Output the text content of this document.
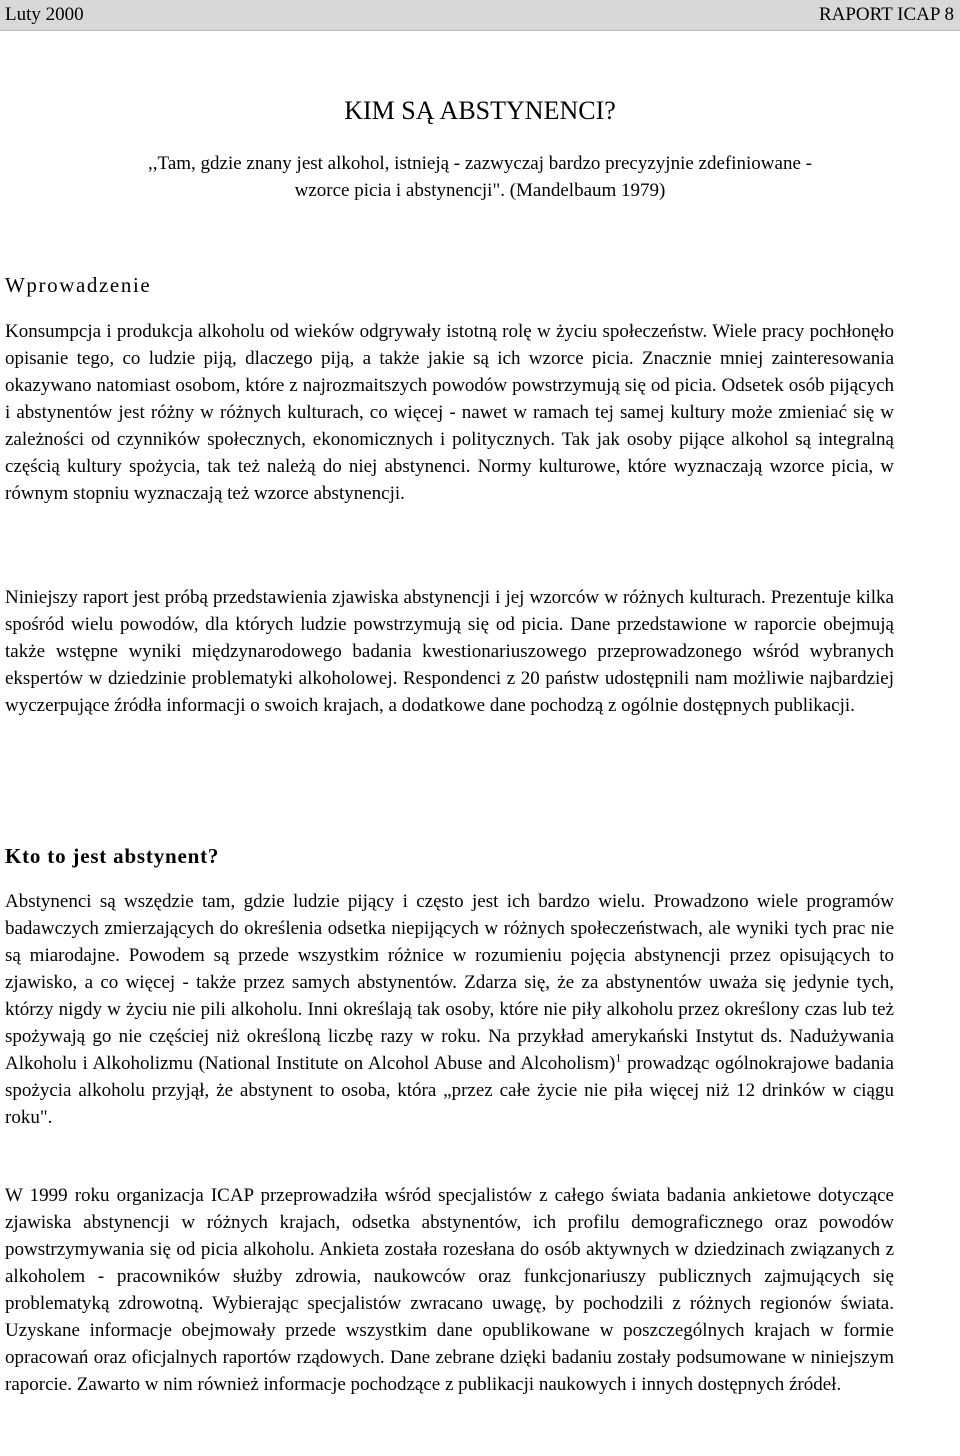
Luty 2000	RAPORT ICAP 8
KIM SĄ ABSTYNENCI?
,,Tam, gdzie znany jest alkohol, istnieją - zazwyczaj bardzo precyzyjnie zdefiniowane - wzorce picia i abstynencji". (Mandelbaum 1979)
Wprowadzenie
Konsumpcja i produkcja alkoholu od wieków odgrywały istotną rolę w życiu społeczeństw. Wiele pracy pochłonęło opisanie tego, co ludzie piją, dlaczego piją, a także jakie są ich wzorce picia. Znacznie mniej zainteresowania okazywano natomiast osobom, które z najrozmaitszych powodów powstrzymują się od picia. Odsetek osób pijących i abstynentów jest różny w różnych kulturach, co więcej - nawet w ramach tej samej kultury może zmieniać się w zależności od czynników społecznych, ekonomicznych i politycznych. Tak jak osoby pijące alkohol są integralną częścią kultury spożycia, tak też należą do niej abstynenci. Normy kulturowe, które wyznaczają wzorce picia, w równym stopniu wyznaczają też wzorce abstynencji.
Niniejszy raport jest próbą przedstawienia zjawiska abstynencji i jej wzorców w różnych kulturach. Prezentuje kilka spośród wielu powodów, dla których ludzie powstrzymują się od picia. Dane przedstawione w raporcie obejmują także wstępne wyniki międzynarodowego badania kwestionariuszowego przeprowadzonego wśród wybranych ekspertów w dziedzinie problematyki alkoholowej. Respondenci z 20 państw udostępnili nam możliwie najbardziej wyczerpujące źródła informacji o swoich krajach, a dodatkowe dane pochodzą z ogólnie dostępnych publikacji.
Kto to jest abstynent?
Abstynenci są wszędzie tam, gdzie ludzie pijący i często jest ich bardzo wielu. Prowadzono wiele programów badawczych zmierzających do określenia odsetka niepijących w różnych społeczeństwach, ale wyniki tych prac nie są miarodajne. Powodem są przede wszystkim różnice w rozumieniu pojęcia abstynencji przez opisujących to zjawisko, a co więcej - także przez samych abstynentów. Zdarza się, że za abstynentów uważa się jedynie tych, którzy nigdy w życiu nie pili alkoholu. Inni określają tak osoby, które nie piły alkoholu przez określony czas lub też spożywają go nie częściej niż określoną liczbę razy w roku. Na przykład amerykański Instytut ds. Nadużywania Alkoholu i Alkoholizmu (National Institute on Alcohol Abuse and Alcoholism)$^1$ prowadząc ogólnokrajowe badania spożycia alkoholu przyjął, że abstynent to osoba, która „przez całe życie nie piła więcej niż 12 drinków w ciągu roku".
W 1999 roku organizacja ICAP przeprowadziła wśród specjalistów z całego świata badania ankietowe dotyczące zjawiska abstynencji w różnych krajach, odsetka abstynentów, ich profilu demograficznego oraz powodów powstrzymywania się od picia alkoholu. Ankieta została rozesłana do osób aktywnych w dziedzinach związanych z alkoholem - pracowników służby zdrowia, naukowców oraz funkcjonariuszy publicznych zajmujących się problematyką zdrowotną. Wybierając specjalistów zwracano uwagę, by pochodzili z różnych regionów świata. Uzyskane informacje obejmowały przede wszystkim dane opublikowane w poszczególnych krajach w formie opracowań oraz oficjalnych raportów rządowych. Dane zebrane dzięki badaniu zostały podsumowane w niniejszym raporcie. Zawarto w nim również informacje pochodzące z publikacji naukowych i innych dostępnych źródeł.
